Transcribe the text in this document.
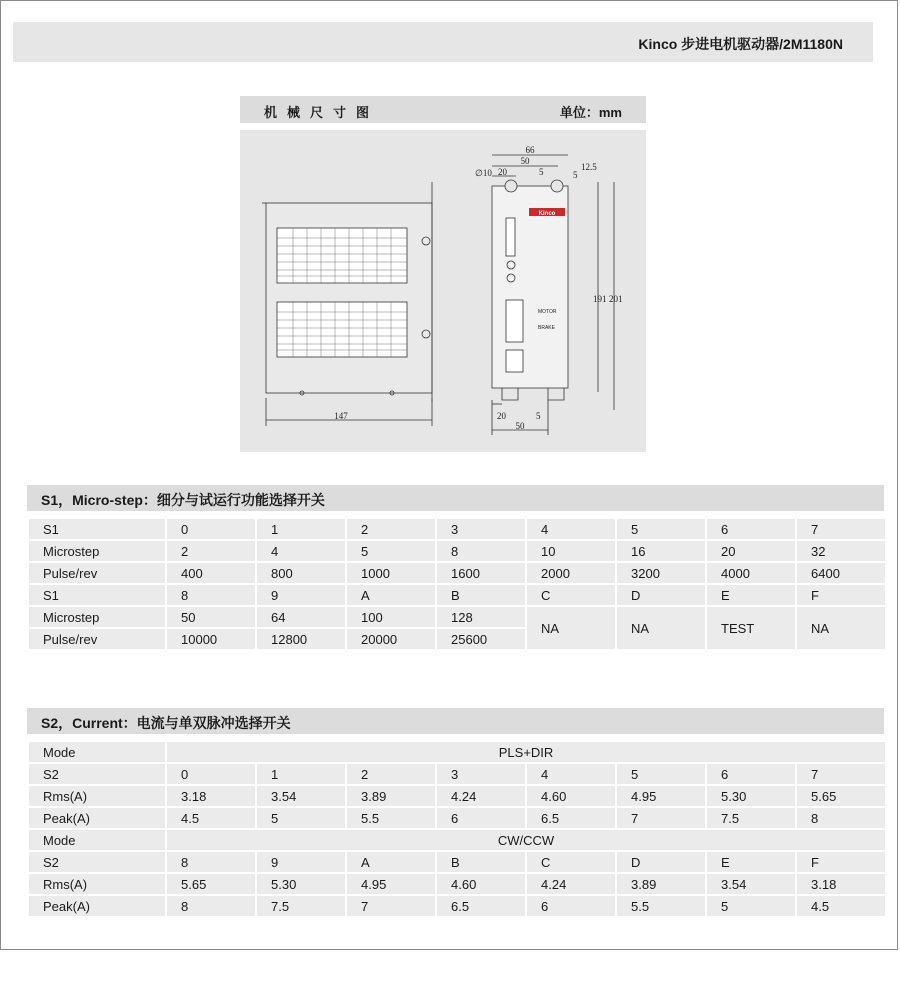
Kinco 步进电机驱动器/2M1180N
机械尺寸图	单位：mm
147
Kinco
MOTOR
BRAKE
66
50
∅10 20	5	5
12.5
191 201
20	5
50
S1，Micro-step：细分与试运行功能选择开关
S1	0	1	2	3	4	5	6	7
Microstep	2	4	5	8	10	16	20	32
Pulse/rev	400	800	1000	1600	2000	3200	4000	6400
S1	8	9	A	B	C	D	E	F
Microstep	50	64	100	128	NA	NA	TEST	NA
Pulse/rev	10000	12800	20000	25600				
S2，Current：电流与单双脉冲选择开关
Mode	PLS+DIR							
S2	0	1	2	3	4	5	6	7
Rms(A)	3.18	3.54	3.89	4.24	4.60	4.95	5.30	5.65
Peak(A)	4.5	5	5.5	6	6.5	7	7.5	8
Mode	CW/CCW							
S2	8	9	A	B	C	D	E	F
Rms(A)	5.65	5.30	4.95	4.60	4.24	3.89	3.54	3.18
Peak(A)	8	7.5	7	6.5	6	5.5	5	4.5
